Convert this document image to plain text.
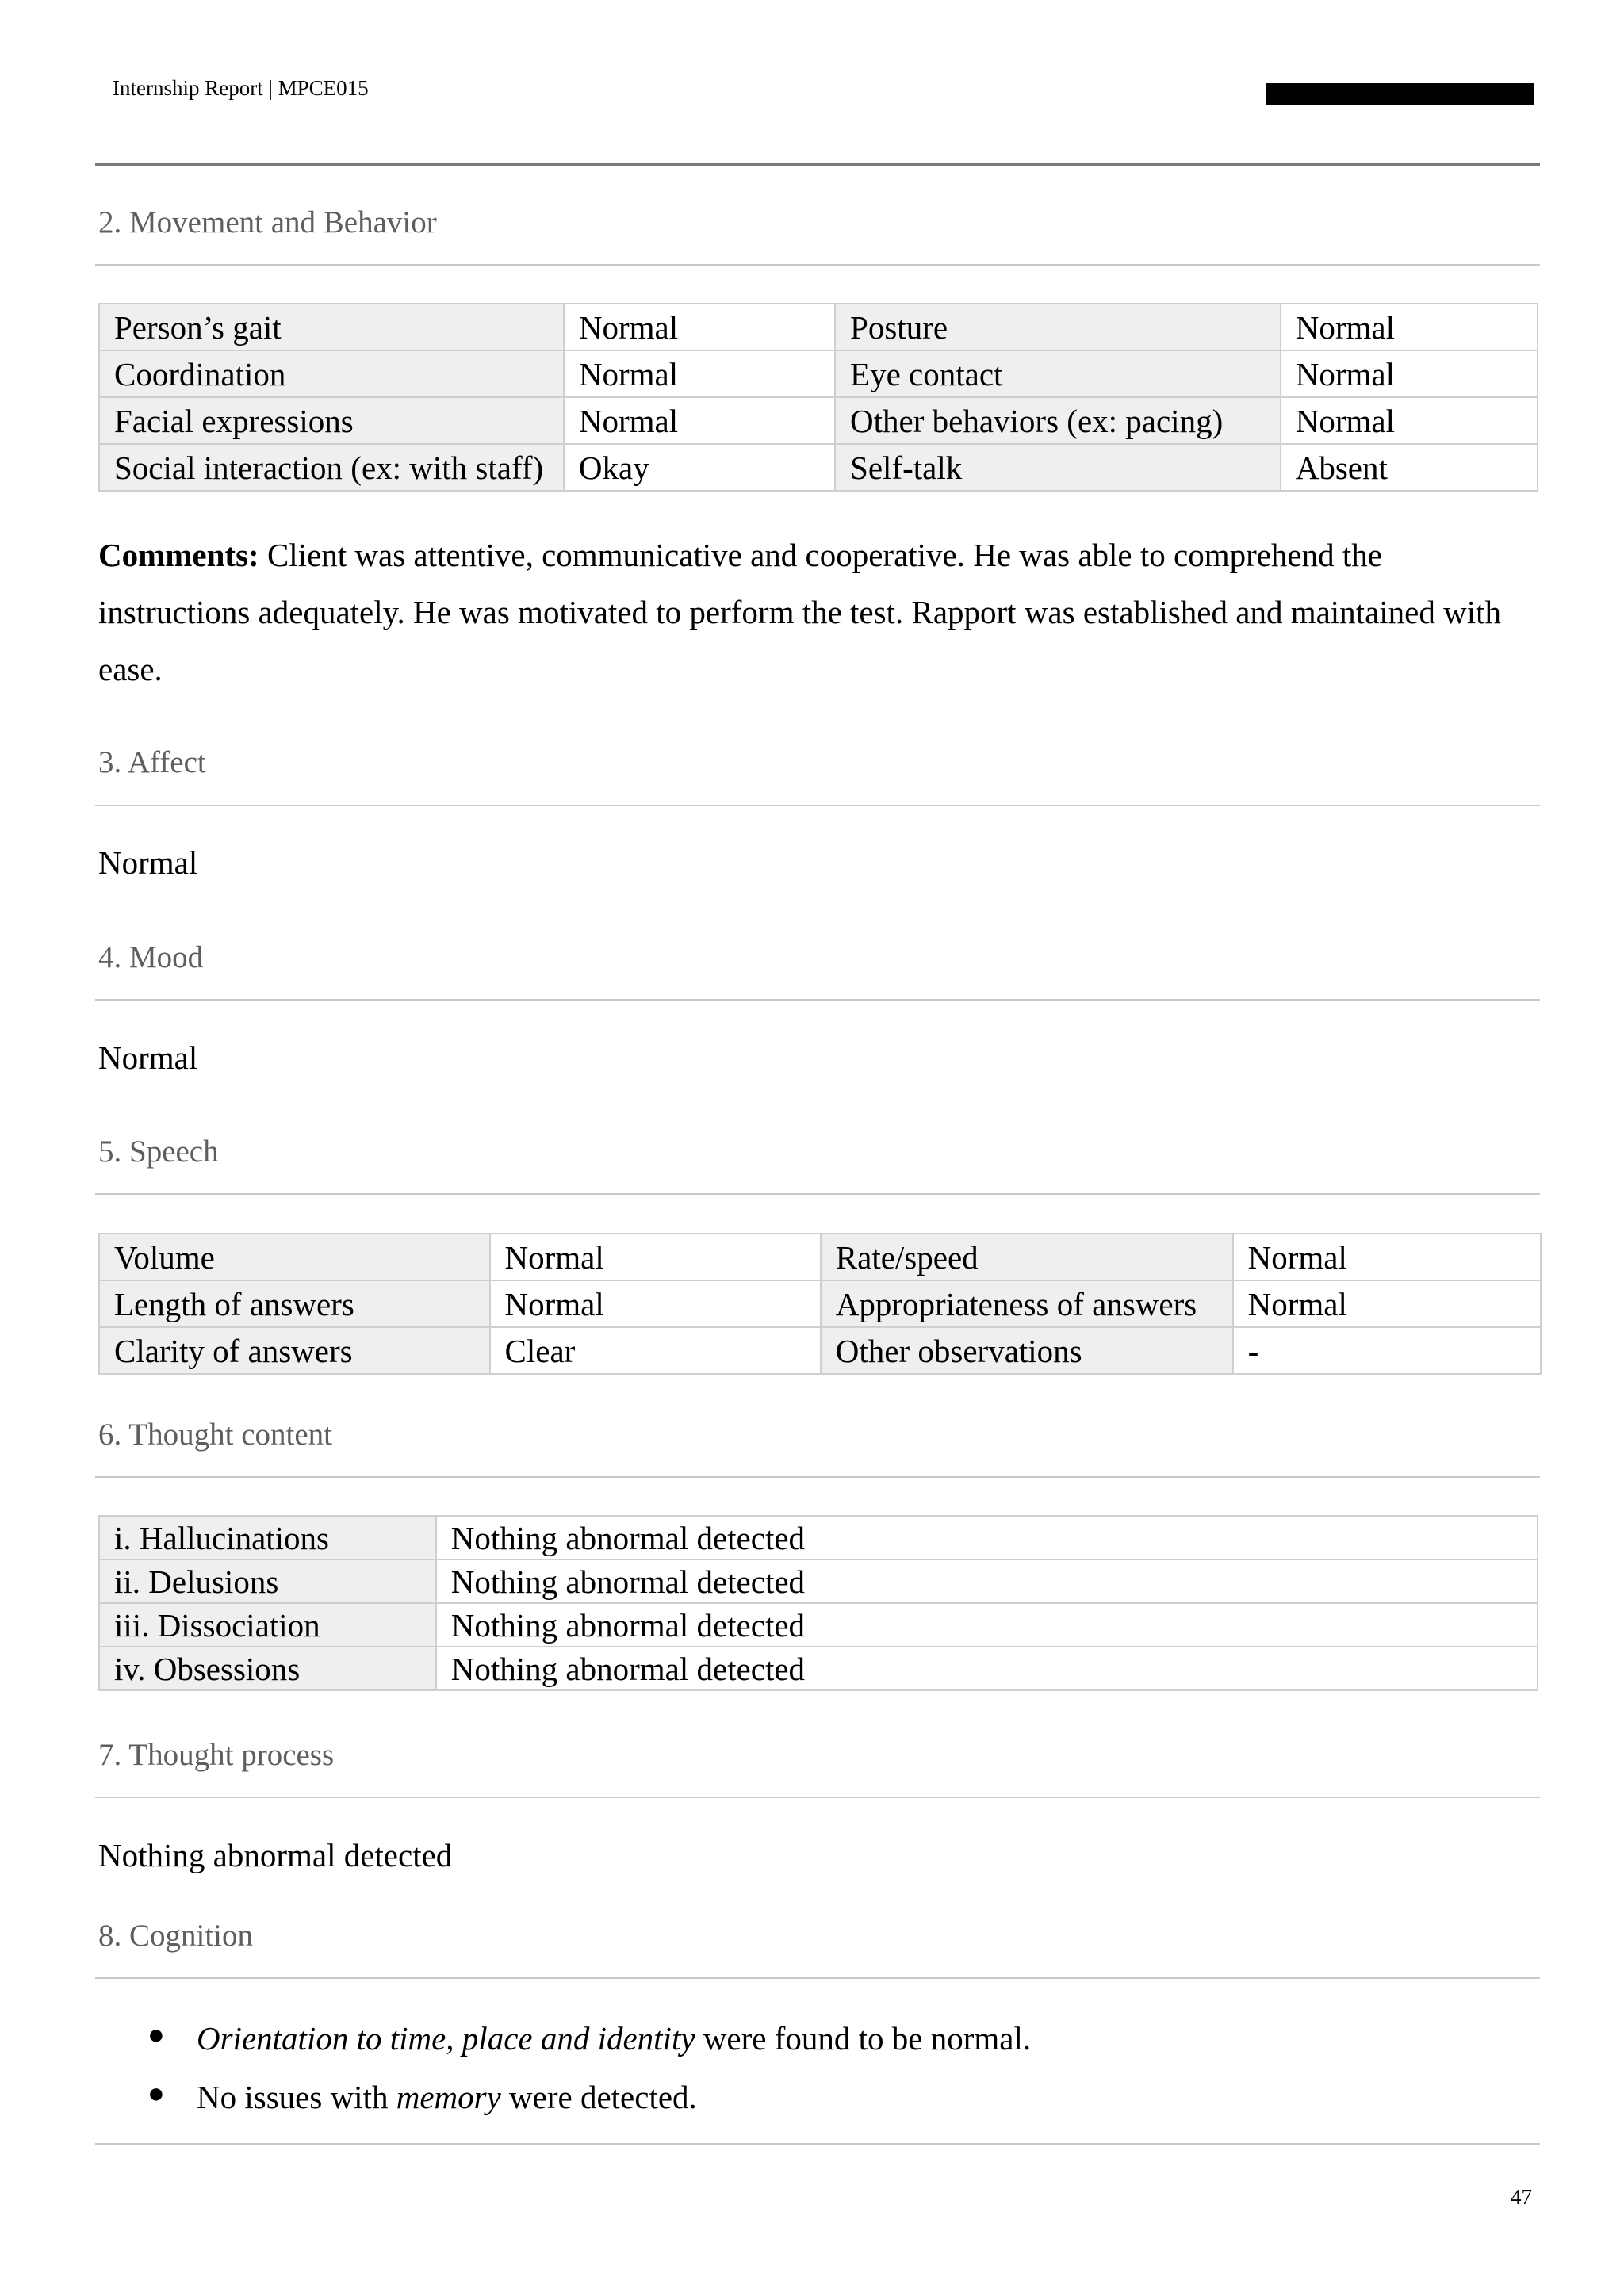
Internship Report | MPCE015
2. Movement and Behavior
Person’s gait	Normal	Posture	Normal
Coordination	Normal	Eye contact	Normal
Facial expressions	Normal	Other behaviors (ex: pacing)	Normal
Social interaction (ex: with staff)	Okay	Self-talk	Absent
Comments: Client was attentive, communicative and cooperative. He was able to comprehend the instructions adequately. He was motivated to perform the test. Rapport was established and maintained with ease.
3. Affect
Normal
4. Mood
Normal
5. Speech
Volume	Normal	Rate/speed	Normal
Length of answers	Normal	Appropriateness of answers	Normal
Clarity of answers	Clear	Other observations	-
6. Thought content
i. Hallucinations	Nothing abnormal detected
ii. Delusions	Nothing abnormal detected
iii. Dissociation	Nothing abnormal detected
iv. Obsessions	Nothing abnormal detected
7. Thought process
Nothing abnormal detected
8. Cognition
● Orientation to time, place and identity were found to be normal.
● No issues with memory were detected.
47
